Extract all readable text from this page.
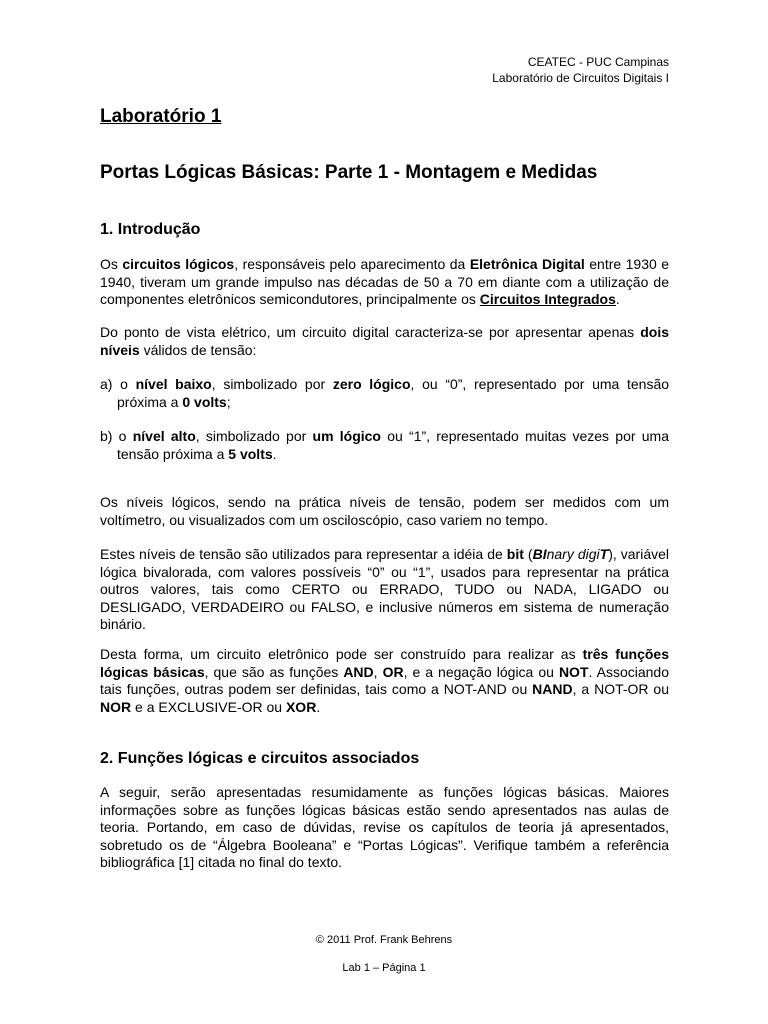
CEATEC - PUC Campinas
Laboratório de Circuitos Digitais I
Laboratório 1
Portas Lógicas Básicas: Parte 1 - Montagem e Medidas
1. Introdução

Os circuitos lógicos, responsáveis pelo aparecimento da Eletrônica Digital entre 1930 e 1940, tiveram um grande impulso nas décadas de 50 a 70 em diante com a utilização de componentes eletrônicos semicondutores, principalmente os Circuitos Integrados.

Do ponto de vista elétrico, um circuito digital caracteriza-se por apresentar apenas dois níveis válidos de tensão:

a) o nível baixo, simbolizado por zero lógico, ou “0”, representado por uma tensão próxima a 0 volts;

b) o nível alto, simbolizado por um lógico ou “1”, representado muitas vezes por uma tensão próxima a 5 volts.

Os níveis lógicos, sendo na prática níveis de tensão, podem ser medidos com um voltímetro, ou visualizados com um osciloscópio, caso variem no tempo.

Estes níveis de tensão são utilizados para representar a idéia de bit (BInary digiT), variável lógica bivalorada, com valores possíveis “0” ou “1”, usados para representar na prática outros valores, tais como CERTO ou ERRADO, TUDO ou NADA, LIGADO ou DESLIGADO, VERDADEIRO ou FALSO, e inclusive números em sistema de numeração binário.

Desta forma, um circuito eletrônico pode ser construído para realizar as três funções lógicas básicas, que são as funções AND, OR, e a negação lógica ou NOT. Associando tais funções, outras podem ser definidas, tais como a NOT-AND ou NAND, a NOT-OR ou NOR e a EXCLUSIVE-OR ou XOR.

2. Funções lógicas e circuitos associados

A seguir, serão apresentadas resumidamente as funções lógicas básicas. Maiores informações sobre as funções lógicas básicas estão sendo apresentados nas aulas de teoria. Portando, em caso de dúvidas, revise os capítulos de teoria já apresentados, sobretudo os de “Álgebra Booleana” e “Portas Lógicas”. Verifique também a referência bibliográfica [1] citada no final do texto.

© 2011 Prof. Frank Behrens
Lab 1 – Página 1
